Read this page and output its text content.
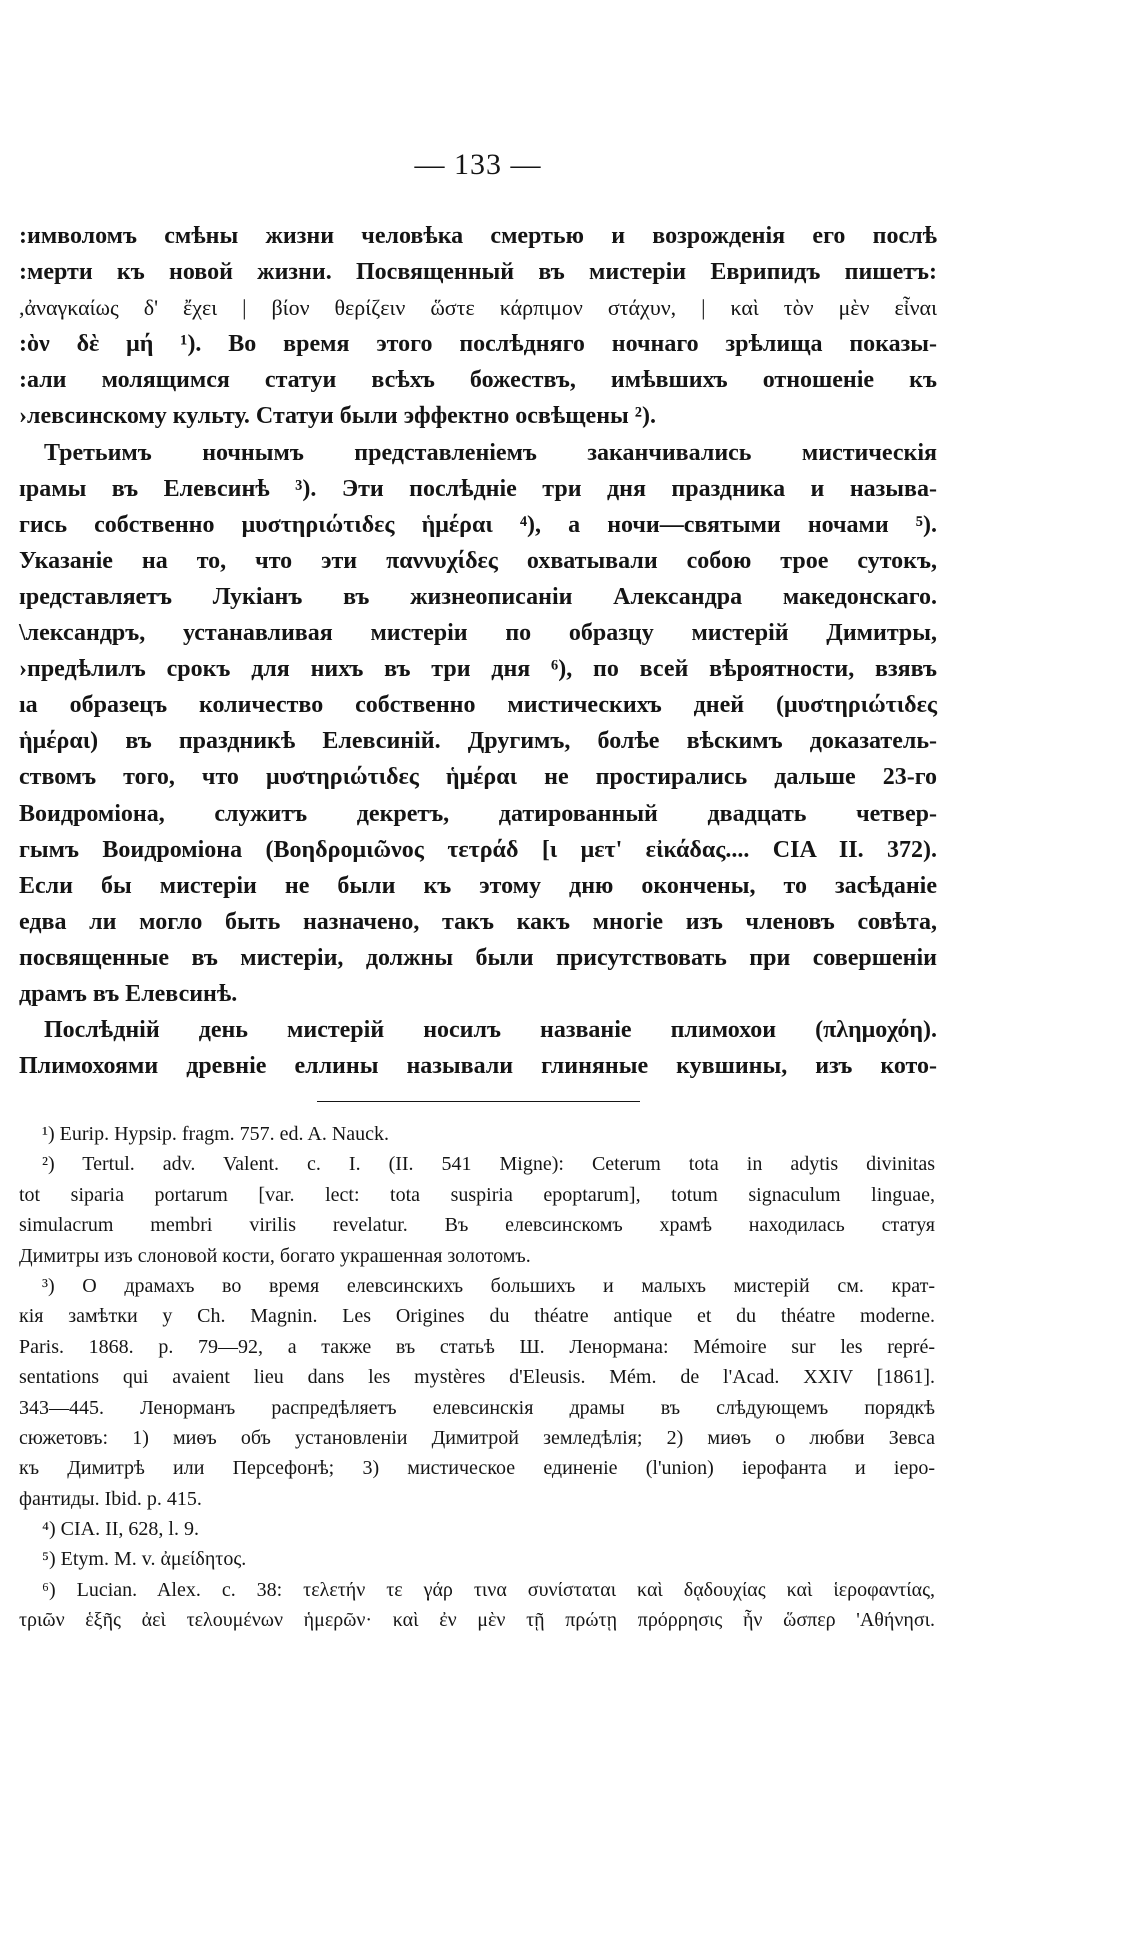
— 133 —
:имволомъ смѣны жизни человѣка смертью и возрожденія его послѣ
:мерти къ новой жизни. Посвященный въ мистеріи Еврипидъ пишетъ:
,ἀναγκαίως δ' ἔχει | βίον θερίζειν ὥστε κάρπιμον στάχυν, | καὶ τὸν μὲν εἶναι
:ὸν δὲ μή ¹). Во время этого послѣдняго ночнаго зрѣлища показы-
:али молящимся статуи всѣхъ божествъ, имѣвшихъ отношеніе къ
›левсинскому культу. Статуи были эффектно освѣщены ²).
Третьимъ ночнымъ представленіемъ заканчивались мистическія
ɪрамы въ Елевсинѣ ³). Эти послѣдніе три дня праздника и называ-
гись собственно μυστηριώτιδες ἡμέραι ⁴), а ночи—святыми ночами ⁵).
Указаніе на то, что эти παννυχίδες охватывали собою трое сутокъ,
ɪредставляетъ Лукіанъ въ жизнеописаніи Александра македонскаго.
\лександръ, устанавливая мистеріи по образцу мистерій Димитры,
›предѣлилъ срокъ для нихъ въ три дня ⁶), по всей вѣроятности, взявъ
ıа образецъ количество собственно мистическихъ дней (μυστηριώτιδες
ἡμέραι) въ праздникѣ Елевсиній. Другимъ, болѣе вѣскимъ доказатель-
ствомъ того, что μυστηριώτιδες ἡμέραι не простирались дальше 23-го
Воидроміона, служитъ декретъ, датированный двадцать четвер-
гымъ Воидроміона (Βοηδρομιῶνος τετράδ [ι μετ' εἰκάδας.... CIA II. 372).
Если бы мистеріи не были къ этому дню окончены, то засѣданіе
едва ли могло быть назначено, такъ какъ многіе изъ членовъ совѣта,
посвященные въ мистеріи, должны были присутствовать при совершеніи
драмъ въ Елевсинѣ.
Послѣдній день мистерій носилъ названіе плимохои (πλημοχόη).
Плимохоями древніе еллины называли глиняные кувшины, изъ кото-
¹) Eurip. Hypsip. fragm. 757. ed. A. Nauck.
²) Tertul. adv. Valent. c. I. (II. 541 Migne): Ceterum tota in adytis divinitas
tot siparia portarum [var. lect: tota suspiria epoptarum], totum signaculum linguae,
simulacrum membri virilis revelatur. Въ елевсинскомъ храмѣ находилась статуя
Димитры изъ слоновой кости, богато украшенная золотомъ.
³) О драмахъ во время елевсинскихъ большихъ и малыхъ мистерій см. крат-
кія замѣтки у Ch. Magnin. Les Origines du théatre antique et du théatre moderne.
Paris. 1868. p. 79—92, а также въ статьѣ Ш. Ленормана: Mémoire sur les repré-
sentations qui avaient lieu dans les mystères d'Eleusis. Mém. de l'Acad. XXIV [1861].
343—445. Ленорманъ распредѣляетъ елевсинскія драмы въ слѣдующемъ порядкѣ
сюжетовъ: 1) миѳъ объ установленіи Димитрой земледѣлія; 2) миѳъ о любви Зевса
къ Димитрѣ или Персефонѣ; 3) мистическое единеніе (l'union) іерофанта и іеро-
фантиды. Ibid. p. 415.
⁴) CIA. II, 628, l. 9.
⁵) Etym. M. v. ἀμείδητος.
⁶) Lucian. Alex. c. 38: τελετήν τε γάρ τινα συνίσταται καὶ δᾳδουχίας καὶ ἱεροφαντίας,
τριῶν ἑξῆς ἀεὶ τελουμένων ἡμερῶν· καὶ ἐν μὲν τῇ πρώτῃ πρόρρησις ἦν ὥσπερ 'Αθήνησι.
